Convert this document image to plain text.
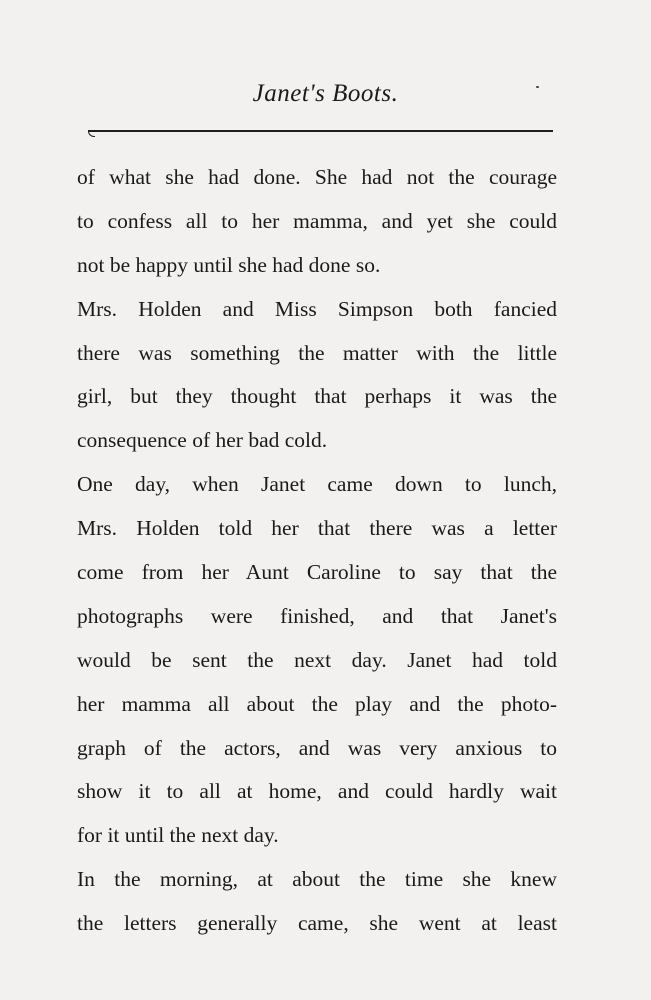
Janet's Boots.
of what she had done. She had not the courage
to confess all to her mamma, and yet she could
not be happy until she had done so.
Mrs. Holden and Miss Simpson both fancied
there was something the matter with the little
girl, but they thought that perhaps it was the
consequence of her bad cold.
One day, when Janet came down to lunch,
Mrs. Holden told her that there was a letter
come from her Aunt Caroline to say that the
photographs were finished, and that Janet's
would be sent the next day. Janet had told
her mamma all about the play and the photo-
graph of the actors, and was very anxious to
show it to all at home, and could hardly wait
for it until the next day.
In the morning, at about the time she knew
the letters generally came, she went at least
